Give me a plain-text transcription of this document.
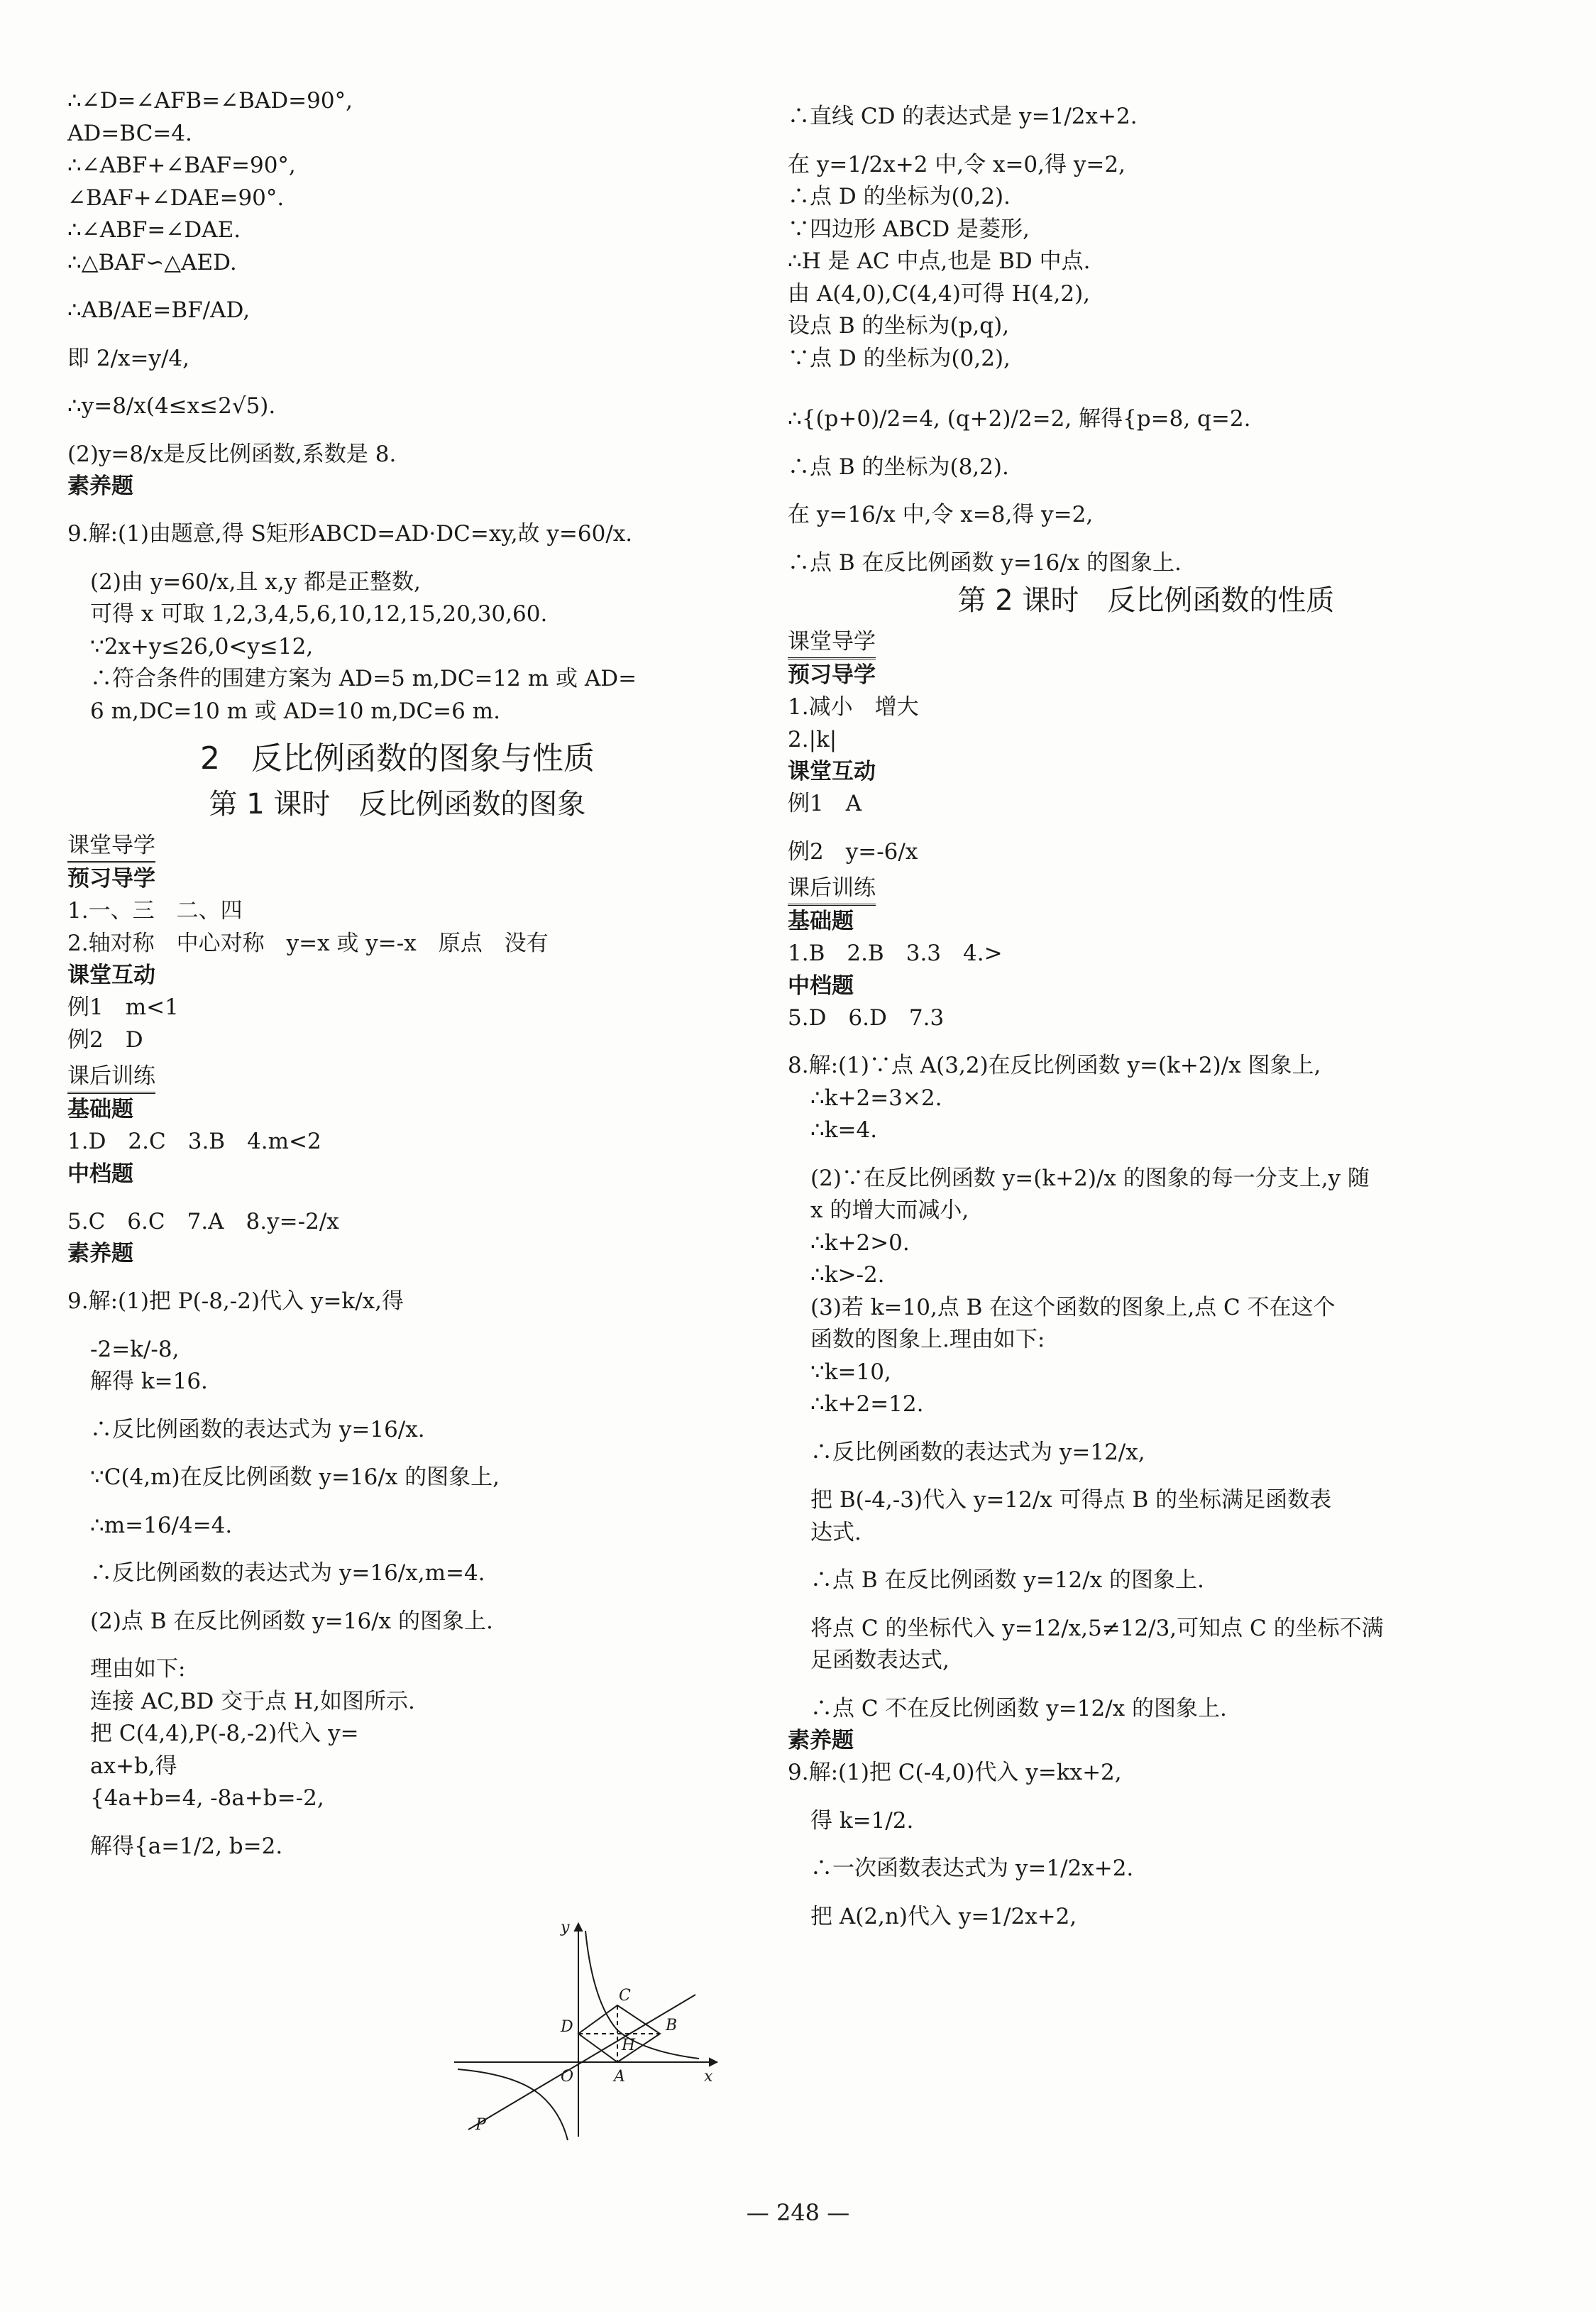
∴∠D=∠AFB=∠BAD=90°,
AD=BC=4.
∴∠ABF+∠BAF=90°,
∠BAF+∠DAE=90°.
∴∠ABF=∠DAE.
∴△BAF∽△AED.
∴AB/AE=BF/AD,
即 2/x=y/4,
∴y=8/x(4≤x≤2√5).
(2)y=8/x是反比例函数,系数是 8.
素养题
9.解:(1)由题意,得 S矩形ABCD=AD·DC=xy,故 y=60/x.
(2)由 y=60/x,且 x,y 都是正整数,
可得 x 可取 1,2,3,4,5,6,10,12,15,20,30,60.
∵2x+y≤26,0<y≤12,
∴符合条件的围建方案为 AD=5 m,DC=12 m 或 AD=
6 m,DC=10 m 或 AD=10 m,DC=6 m.
2　反比例函数的图象与性质
第 1 课时　反比例函数的图象
课堂导学
预习导学
1.一、三　二、四
2.轴对称　中心对称　y=x 或 y=-x　原点　没有
课堂互动
例1　m<1
例2　D
课后训练
基础题
1.D　2.C　3.B　4.m<2
中档题
5.C　6.C　7.A　8.y=-2/x
素养题
9.解:(1)把 P(-8,-2)代入 y=k/x,得
-2=k/-8,
解得 k=16.
∴反比例函数的表达式为 y=16/x.
∵C(4,m)在反比例函数 y=16/x 的图象上,
∴m=16/4=4.
∴反比例函数的表达式为 y=16/x,m=4.
(2)点 B 在反比例函数 y=16/x 的图象上.
理由如下:
连接 AC,BD 交于点 H,如图所示.
把 C(4,4),P(-8,-2)代入 y=
ax+b,得
{4a+b=4, -8a+b=-2,
解得{a=1/2, b=2.
∴直线 CD 的表达式是 y=1/2x+2.
在 y=1/2x+2 中,令 x=0,得 y=2,
∴点 D 的坐标为(0,2).
∵四边形 ABCD 是菱形,
∴H 是 AC 中点,也是 BD 中点.
由 A(4,0),C(4,4)可得 H(4,2),
设点 B 的坐标为(p,q),
∵点 D 的坐标为(0,2),
∴{(p+0)/2=4, (q+2)/2=2, 解得{p=8, q=2.
∴点 B 的坐标为(8,2).
在 y=16/x 中,令 x=8,得 y=2,
∴点 B 在反比例函数 y=16/x 的图象上.
第 2 课时　反比例函数的性质
课堂导学
预习导学
1.减小　增大
2.|k|
课堂互动
例1　A
例2　y=-6/x
课后训练
基础题
1.B　2.B　3.3　4.>
中档题
5.D　6.D　7.3
8.解:(1)∵点 A(3,2)在反比例函数 y=(k+2)/x 图象上,
∴k+2=3×2.
∴k=4.
(2)∵在反比例函数 y=(k+2)/x 的图象的每一分支上,y 随
x 的增大而减小,
∴k+2>0.
∴k>-2.
(3)若 k=10,点 B 在这个函数的图象上,点 C 不在这个
函数的图象上.理由如下:
∵k=10,
∴k+2=12.
∴反比例函数的表达式为 y=12/x,
把 B(-4,-3)代入 y=12/x 可得点 B 的坐标满足函数表
达式.
∴点 B 在反比例函数 y=12/x 的图象上.
将点 C 的坐标代入 y=12/x,5≠12/3,可知点 C 的坐标不满
足函数表达式,
∴点 C 不在反比例函数 y=12/x 的图象上.
素养题
9.解:(1)把 C(-4,0)代入 y=kx+2,
得 k=1/2.
∴一次函数表达式为 y=1/2x+2.
把 A(2,n)代入 y=1/2x+2,
y
x
O	A
B
C
D
H
P
— 248 —
